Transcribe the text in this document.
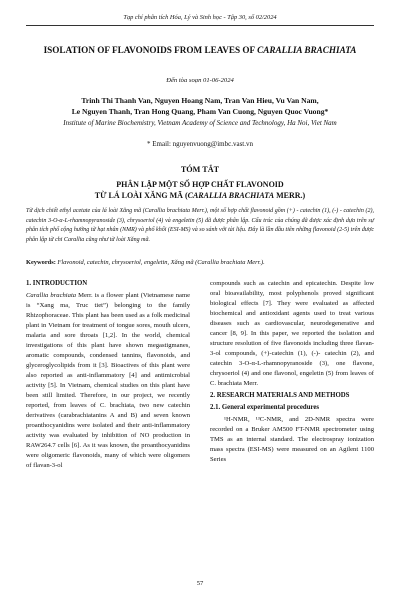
Tạp chí phân tích Hóa, Lý và Sinh học - Tập 30, số 02/2024
ISOLATION OF FLAVONOIDS FROM LEAVES OF CARALLIA BRACHIATA
Đến tòa soạn 01-06-2024
Trinh Thi Thanh Van, Nguyen Hoang Nam, Tran Van Hieu, Vu Van Nam,
Le Nguyen Thanh, Tran Hong Quang, Pham Van Cuong, Nguyen Quoc Vuong*
Institute of Marine Biochemistry, Vietnam Academy of Science and Technology, Ha Noi, Viet Nam
* Email: nguyenvuong@imbc.vast.vn
TÓM TẮT
PHÂN LẬP MỘT SỐ HỢP CHẤT FLAVONOID
TỪ LÁ LOÀI XĂNG MÃ (CARALLIA BRACHIATA MERR.)
Từ dịch chiết ethyl acetate của lá loài Xăng mã (Carallia brachiata Merr.), một số hợp chất flavonoid gồm (+) - catechin (1), (-) - catechin (2), catechin 3-O-α-L-rhamnopyranoside (3), chrysoeriol (4) và engeletin (5) đã được phân lập. Cấu trúc của chúng đã được xác định dựa trên sự phân tích phổ cộng hưởng từ hạt nhân (NMR) và phổ khối (ESI-MS) và so sánh với tài liệu. Đây là lần đầu tiên những flavonoid (2-5) trên được phân lập từ chi Carallia cũng như từ loài Xăng mã.
Keywords: Flavonoid, catechin, chrysoeriol, engeletin, Xăng mã (Carallia brachiata Merr.).
1. INTRODUCTION
Carallia brachiata Merr. is a flower plant (Vietnamese name is “Xang ma, Truc tiet”) belonging to the family Rhizophoraceae. This plant has been used as a folk medicinal plant in Vietnam for treatment of tongue sores, mouth ulcers, malaria and sore throats [1,2]. In the world, chemical investigations of this plant have shown megastigmanes, aromatic compounds, condensed tannins, flavonoids, and glyceroglycolipids from it [3]. Bioactives of this plant were also reported as anti-inflammatory [4] and antimicrobial activity [5]. In Vietnam, chemical studies on this plant have been still limited. Therefore, in our project, we recently reported, from leaves of C. brachiata, two new catechin derivatives (carabrachiatanins A and B) and seven known proanthocyanidins were isolated and their anti-inflammatory activity was evaluated by inhibition of NO production in RAW264.7 cells [6]. As it was known, the proanthocyanidins were oligomeric flavonoids, many of which were oligomers of flavan-3-ol
compounds such as catechin and epicatechin. Despite low oral bioavailability, most polyphenols proved significant biological effects [7]. They were evaluated as affected biochemical and antioxidant agents used to treat various diseases such as cardiovascular, neurodegenerative and cancer [8, 9]. In this paper, we reported the isolation and structure resolution of five flavonoids including three flavan-3-ol compounds, (+)-catechin (1), (-)- catechin (2), and catechin 3-O-α-L-rhamnopyranoside (3), one flavone, chrysoeriol (4) and one flavonol, engeletin (5) from leaves of C. brachiata Merr.
2. RESEARCH MATERIALS AND METHODS
2.1. General experimental procedures
¹H-NMR, ¹³C-NMR, and 2D-NMR spectra were recorded on a Bruker AM500 FT-NMR spectrometer using TMS as an internal standard. The electrospray ionization mass spectra (ESI-MS) were measured on an Agilent 1100 Series
57
